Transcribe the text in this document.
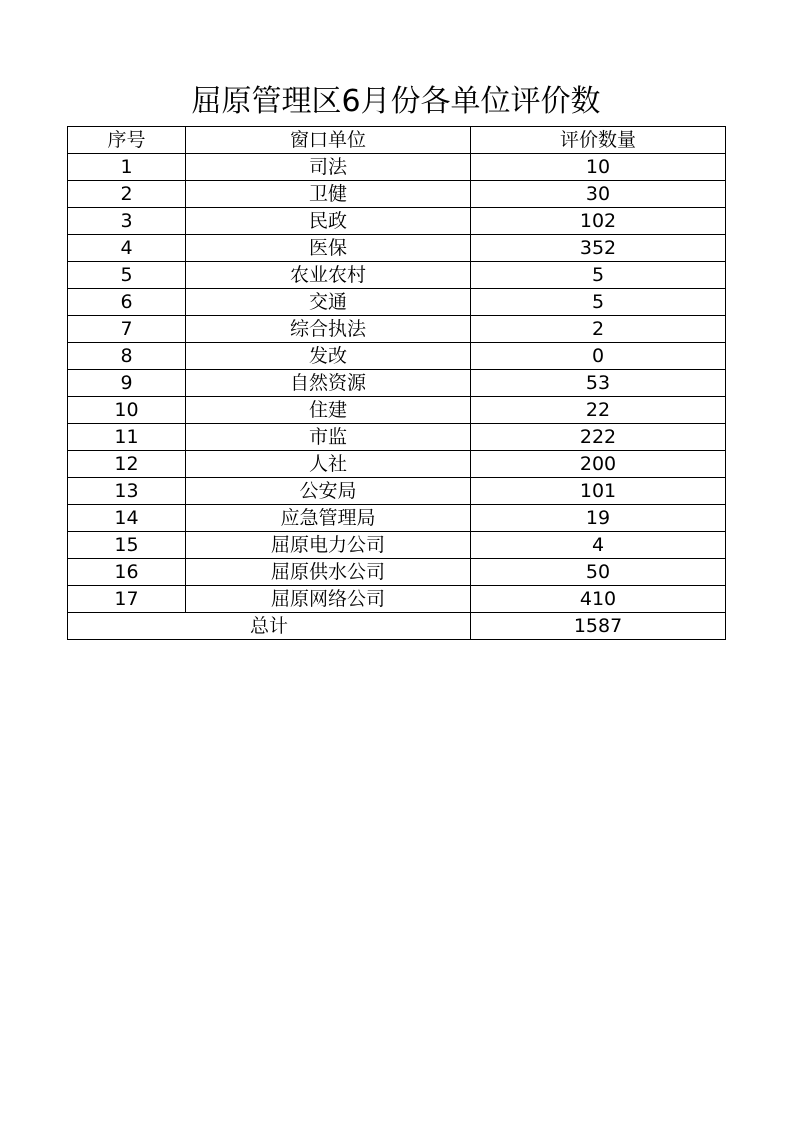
屈原管理区6月份各单位评价数
序号	窗口单位	评价数量
1	司法	10
2	卫健	30
3	民政	102
4	医保	352
5	农业农村	5
6	交通	5
7	综合执法	2
8	发改	0
9	自然资源	53
10	住建	22
11	市监	222
12	人社	200
13	公安局	101
14	应急管理局	19
15	屈原电力公司	4
16	屈原供水公司	50
17	屈原网络公司	410
总计		1587
